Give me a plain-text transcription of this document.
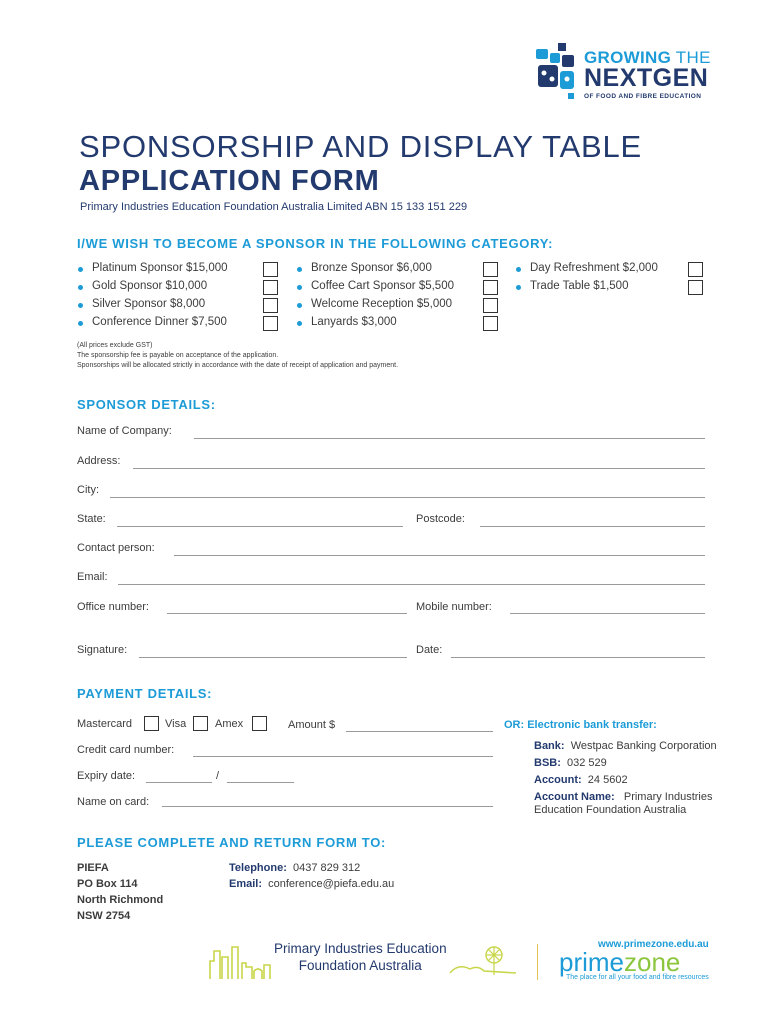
GROWING THE
NEXTGEN
OF FOOD AND FIBRE EDUCATION
SPONSORSHIP AND DISPLAY TABLE
APPLICATION FORM
Primary Industries Education Foundation Australia Limited ABN 15 133 151 229
I/WE WISH TO BECOME A SPONSOR IN THE FOLLOWING CATEGORY:
Platinum Sponsor $15,000
Gold Sponsor $10,000
Silver Sponsor $8,000
Conference Dinner $7,500
Bronze Sponsor $6,000
Coffee Cart Sponsor $5,500
Welcome Reception $5,000
Lanyards $3,000
Day Refreshment $2,000
Trade Table $1,500
(All prices exclude GST)
The sponsorship fee is payable on acceptance of the application.
Sponsorships will be allocated strictly in accordance with the date of receipt of application and payment.
SPONSOR DETAILS:
Name of Company:
Address:
City:
State:	Postcode:
Contact person:
Email:
Office number:	Mobile number:
Signature:	Date:
PAYMENT DETAILS:
Mastercard	Visa	Amex	Amount $
Credit card number:
Expiry date:	/
Name on card:
OR: Electronic bank transfer:
Bank: Westpac Banking Corporation
BSB: 032 529
Account: 24 5602
Account Name: Primary Industries
Education Foundation Australia
PLEASE COMPLETE AND RETURN FORM TO:
PIEFA
PO Box 114
North Richmond
NSW 2754
Telephone: 0437 829 312
Email: conference@piefa.edu.au
Primary Industries Education
Foundation Australia
www.primezone.edu.au
primezone
The place for all your food and fibre resources
